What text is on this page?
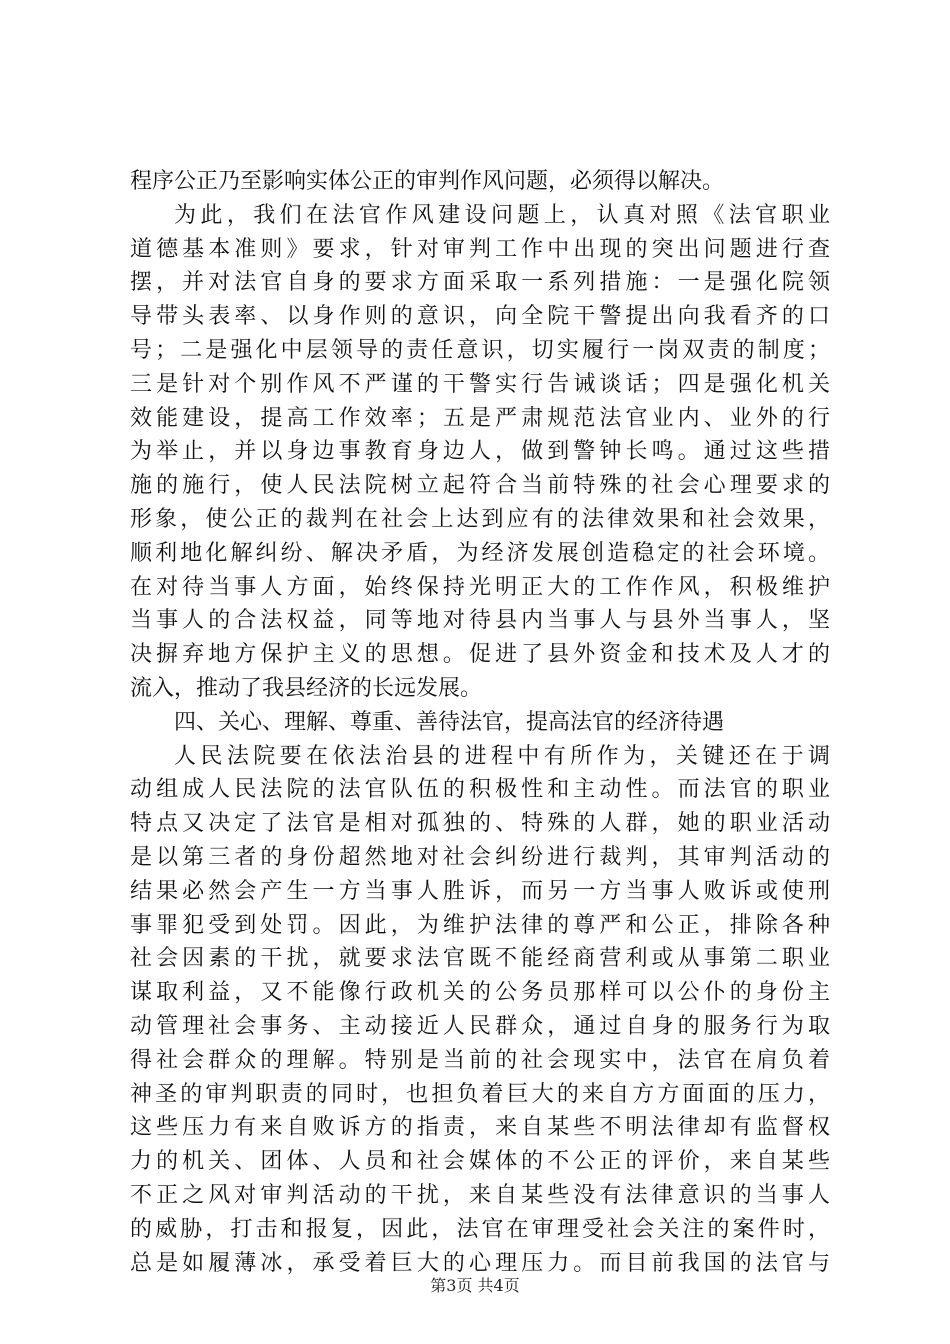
程序公正乃至影响实体公正的审判作风问题，必须得以解决。
为此，我们在法官作风建设问题上，认真对照《法官职业
道德基本准则》要求，针对审判工作中出现的突出问题进行查
摆，并对法官自身的要求方面采取一系列措施：一是强化院领
导带头表率、以身作则的意识，向全院干警提出向我看齐的口
号；二是强化中层领导的责任意识，切实履行一岗双责的制度；
三是针对个别作风不严谨的干警实行告诫谈话；四是强化机关
效能建设，提高工作效率；五是严肃规范法官业内、业外的行
为举止，并以身边事教育身边人，做到警钟长鸣。通过这些措
施的施行，使人民法院树立起符合当前特殊的社会心理要求的
形象，使公正的裁判在社会上达到应有的法律效果和社会效果，
顺利地化解纠纷、解决矛盾，为经济发展创造稳定的社会环境。
在对待当事人方面，始终保持光明正大的工作作风，积极维护
当事人的合法权益，同等地对待县内当事人与县外当事人，坚
决摒弃地方保护主义的思想。促进了县外资金和技术及人才的
流入，推动了我县经济的长远发展。
四、关心、理解、尊重、善待法官，提高法官的经济待遇
人民法院要在依法治县的进程中有所作为，关键还在于调
动组成人民法院的法官队伍的积极性和主动性。而法官的职业
特点又决定了法官是相对孤独的、特殊的人群，她的职业活动
是以第三者的身份超然地对社会纠纷进行裁判，其审判活动的
结果必然会产生一方当事人胜诉，而另一方当事人败诉或使刑
事罪犯受到处罚。因此，为维护法律的尊严和公正，排除各种
社会因素的干扰，就要求法官既不能经商营利或从事第二职业
谋取利益，又不能像行政机关的公务员那样可以公仆的身份主
动管理社会事务、主动接近人民群众，通过自身的服务行为取
得社会群众的理解。特别是当前的社会现实中，法官在肩负着
神圣的审判职责的同时，也担负着巨大的来自方方面面的压力，
这些压力有来自败诉方的指责，来自某些不明法律却有监督权
力的机关、团体、人员和社会媒体的不公正的评价，来自某些
不正之风对审判活动的干扰，来自某些没有法律意识的当事人
的威胁，打击和报复，因此，法官在审理受社会关注的案件时，
总是如履薄冰，承受着巨大的心理压力。而目前我国的法官与
第3页 共4页
